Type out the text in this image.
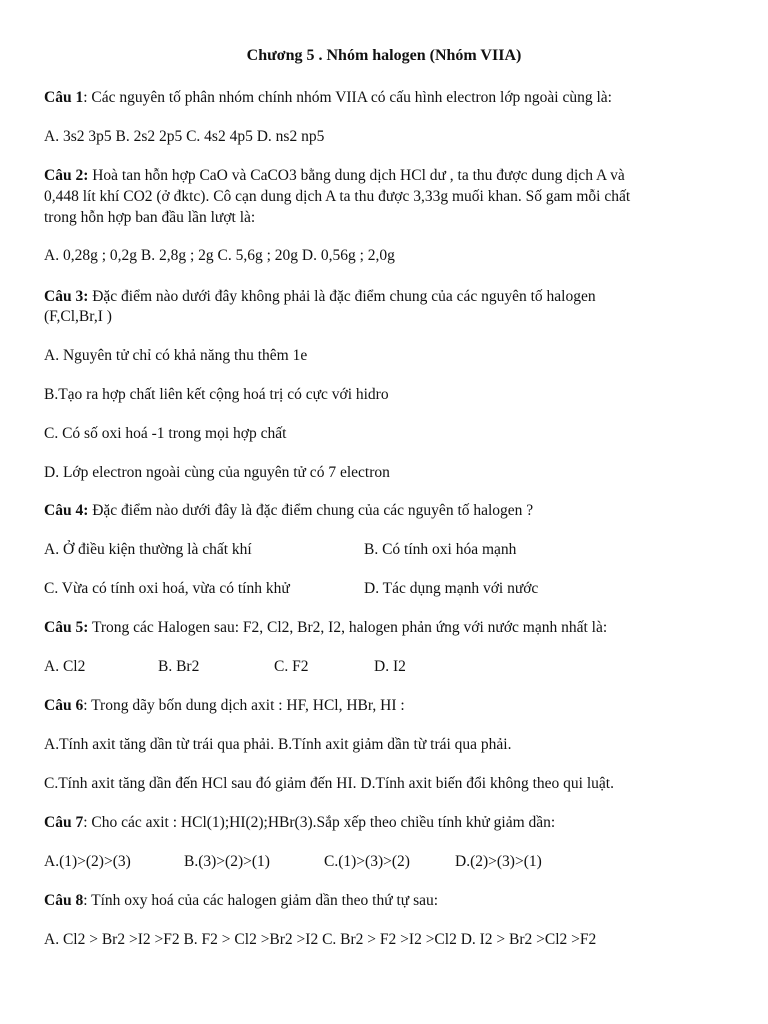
Chương 5 . Nhóm halogen (Nhóm VIIA)
Câu 1: Các nguyên tố phân nhóm chính nhóm VIIA có cấu hình electron lớp ngoài cùng là:
A. 3s2 3p5 B. 2s2 2p5 C. 4s2 4p5 D. ns2 np5
Câu 2: Hoà tan hỗn hợp CaO và CaCO3 bằng dung dịch HCl dư , ta thu được dung dịch A và
0,448 lít khí CO2 (ở đktc). Cô cạn dung dịch A ta thu được 3,33g muối khan. Số gam mỗi chất
trong hỗn hợp ban đầu lần lượt là:
A. 0,28g ; 0,2g B. 2,8g ; 2g C. 5,6g ; 20g D. 0,56g ; 2,0g
Câu 3: Đặc điểm nào dưới đây không phải là đặc điểm chung của các nguyên tố halogen
(F,Cl,Br,I )
A. Nguyên tử chỉ có khả năng thu thêm 1e
B.Tạo ra hợp chất liên kết cộng hoá trị có cực với hidro
C. Có số oxi hoá -1 trong mọi hợp chất
D. Lớp electron ngoài cùng của nguyên tử có 7 electron
Câu 4: Đặc điểm nào dưới đây là đặc điểm chung của các nguyên tố halogen ?
A. Ở điều kiện thường là chất khí	B. Có tính oxi hóa mạnh
C. Vừa có tính oxi hoá, vừa có tính khử	D. Tác dụng mạnh với nước
Câu 5: Trong các Halogen sau: F2, Cl2, Br2, I2, halogen phản ứng với nước mạnh nhất là:
A. Cl2	B. Br2	C. F2	D. I2
Câu 6: Trong dãy bốn dung dịch axit : HF, HCl, HBr, HI :
A.Tính axit tăng dần từ trái qua phải. B.Tính axit giảm dần từ trái qua phải.
C.Tính axit tăng dần đến HCl sau đó giảm đến HI. D.Tính axit biến đổi không theo qui luật.
Câu 7: Cho các axit : HCl(1);HI(2);HBr(3).Sắp xếp theo chiều tính khử giảm dần:
A.(1)>(2)>(3)	B.(3)>(2)>(1)	C.(1)>(3)>(2)	D.(2)>(3)>(1)
Câu 8: Tính oxy hoá của các halogen giảm dần theo thứ tự sau:
A. Cl2 > Br2 >I2 >F2 B. F2 > Cl2 >Br2 >I2 C. Br2 > F2 >I2 >Cl2 D. I2 > Br2 >Cl2 >F2
